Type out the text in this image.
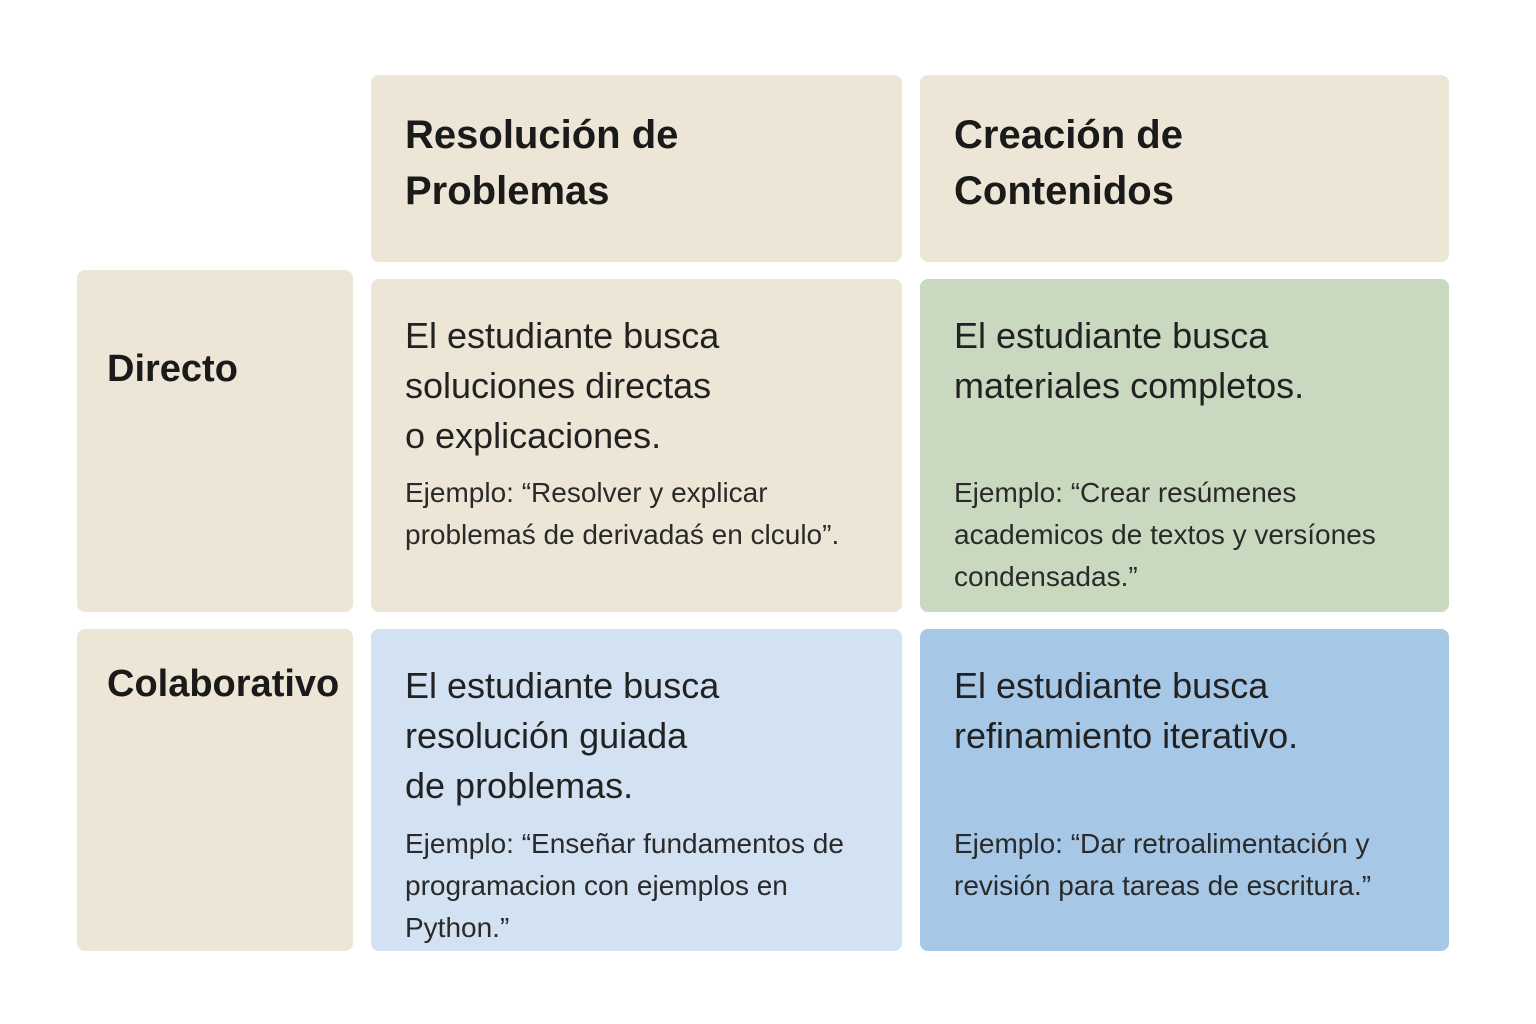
Resolución de
Problemas
Creación de
Contenidos
Directo
Colaborativo

El estudiante busca
soluciones directas
o explicaciones.

Ejemplo: “Resolver y explicar
problemaś de derivadaś en clculo”.

El estudiante busca
materiales completos.

Ejemplo: “Crear resúmenes
academicos de textos y versíones
condensadas.”

El estudiante busca
resolución guiada
de problemas.

Ejemplo: “Enseñar fundamentos de
programacion con ejemplos en
Python.”

El estudiante busca
refinamiento iterativo.

Ejemplo: “Dar retroalimentación y
revisión para tareas de escritura.”
